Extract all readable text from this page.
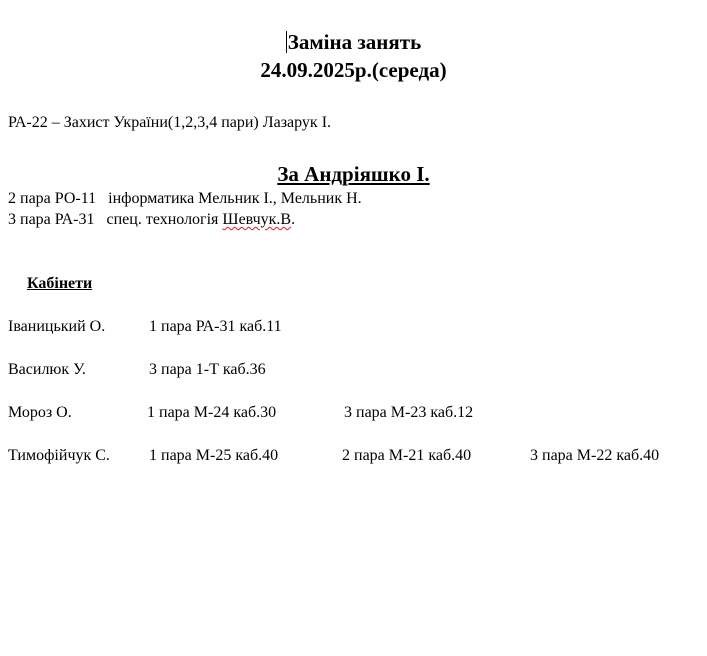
Заміна занять
24.09.2025р.(середа)
РА-22 – Захист України(1,2,3,4 пари) Лазарук І.
За Андріяшко І.
2 пара РО-11 інформатика Мельник І., Мельник Н.
3 пара РА-31 спец. технологія Шевчук.В.
Кабінети
Іваницький О.	1 пара РА-31 каб.11
Василюк У.	3 пара 1-Т каб.36
Мороз О.	1 пара М-24 каб.30	3 пара М-23 каб.12
Тимофійчук С. 1 пара М-25 каб.40	2 пара М-21 каб.40	3 пара М-22 каб.40
